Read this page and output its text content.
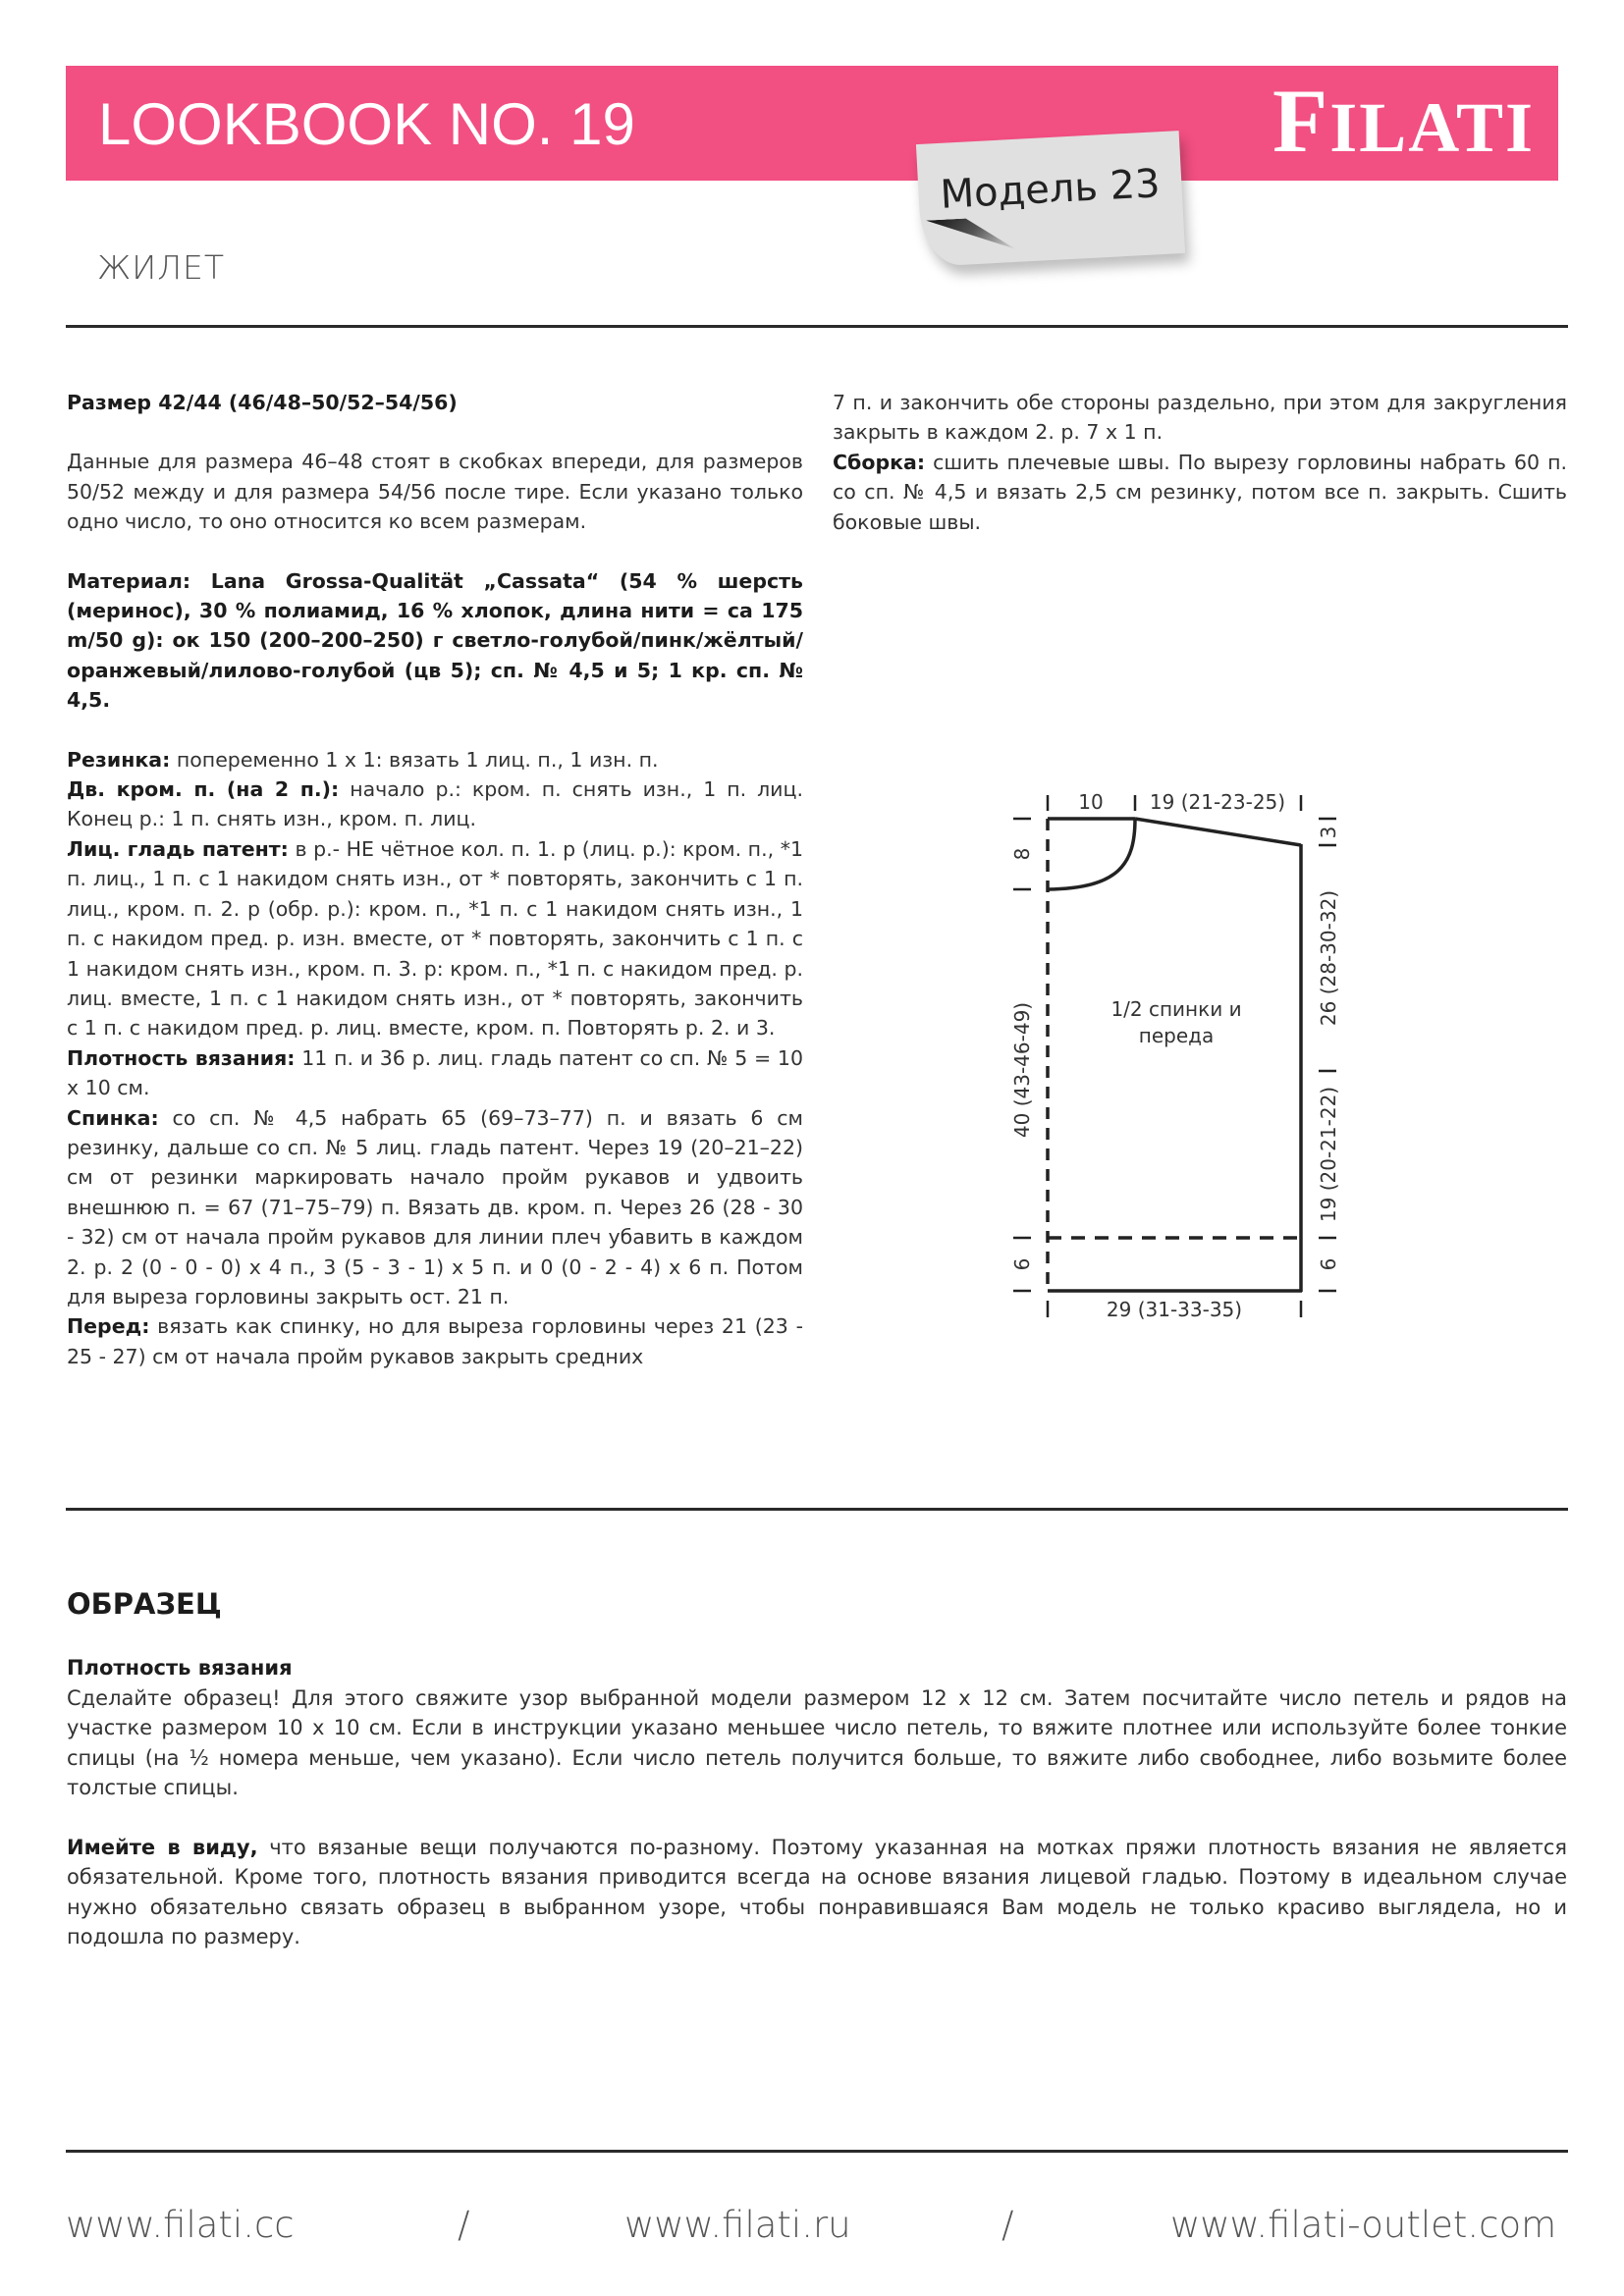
LOOKBOOK NO. 19	FILATI
Модель 23
ЖИЛЕТ

Размер 42/44 (46/48–50/52–54/56)

Данные для размера 46–48 стоят в скобках впереди, для размеров 50/52 между и для размера 54/56 после тире. Если указано только одно число, то оно относится ко всем размерам.

Материал: Lana Grossa-Qualität „Cassata“ (54 % шерсть (меринос), 30 % полиамид, 16 % хлопок, длина нити = ca 175 m/50 g): ок 150 (200–200–250) г светло-голубой/пинк/жёлтый/оранжевый/лилово-голубой (цв 5); сп. № 4,5 и 5; 1 кр. сп. № 4,5.

Резинка: попеременно 1 х 1: вязать 1 лиц. п., 1 изн. п.

Дв. кром. п. (на 2 п.): начало р.: кром. п. снять изн., 1 п. лиц. Конец р.: 1 п. снять изн., кром. п. лиц.

Лиц. гладь патент: в р.- НЕ чётное кол. п. 1. р (лиц. р.): кром. п., *1 п. лиц., 1 п. с 1 накидом снять изн., от * повторять, закончить с 1 п. лиц., кром. п. 2. р (обр. р.): кром. п., *1 п. с 1 накидом снять изн., 1 п. с накидом пред. р. изн. вместе, от * повторять, закончить с 1 п. с 1 накидом снять изн., кром. п. 3. р: кром. п., *1 п. с накидом пред. р. лиц. вместе, 1 п. с 1 накидом снять изн., от * повторять, закончить с 1 п. с накидом пред. р. лиц. вместе, кром. п. Повторять р. 2. и 3.

Плотность вязания: 11 п. и 36 р. лиц. гладь патент со сп. № 5 = 10 х 10 см.

Спинка: со сп. № 4,5 набрать 65 (69–73–77) п. и вязать 6 см резинку, дальше со сп. № 5 лиц. гладь патент. Через 19 (20–21–22) см от резинки маркировать начало пройм рукавов и удвоить внешнюю п. = 67 (71–75–79) п. Вязать дв. кром. п. Через 26 (28 - 30 - 32) см от начала пройм рукавов для линии плеч убавить в каждом 2. р. 2 (0 - 0 - 0) х 4 п., 3 (5 - 3 - 1) х 5 п. и 0 (0 - 2 - 4) х 6 п. Потом для выреза горловины закрыть ост. 21 п.

Перед: вязать как спинку, но для выреза горловины через 21 (23 - 25 - 27) см от начала пройм рукавов закрыть средних

7 п. и закончить обе стороны раздельно, при этом для закругления закрыть в каждом 2. р. 7 х 1 п.

Сборка: сшить плечевые швы. По вырезу горловины набрать 60 п. со сп. № 4,5 и вязать 2,5 см резинку, потом все п. закрыть. Сшить боковые швы.

10 19 (21-23-25)
8
40 (43-46-49)
6
3
26 (28-30-32)
19 (20-21-22)
6
29 (31-33-35)
1/2 спинки и
переда
ОБРАЗЕЦ

Плотность вязания

Сделайте образец! Для этого свяжите узор выбранной модели размером 12 х 12 см. Затем посчитайте число петель и рядов на участке размером 10 х 10 см. Если в инструкции указано меньшее число петель, то вяжите плотнее или используйте более тонкие спицы (на ½ номера меньше, чем указано). Если число петель получится больше, то вяжите либо свободнее, либо возьмите более толстые спицы.

Имейте в виду, что вязаные вещи получаются по-разному. Поэтому указанная на мотках пряжи плотность вязания не является обязательной. Кроме того, плотность вязания приводится всегда на основе вязания лицевой гладью. Поэтому в идеальном случае нужно обязательно связать образец в выбранном узоре, чтобы понравившаяся Вам модель не только красиво выглядела, но и подошла по размеру.

www.filati.cc	/	www.filati.ru	/	www.filati-outlet.com
